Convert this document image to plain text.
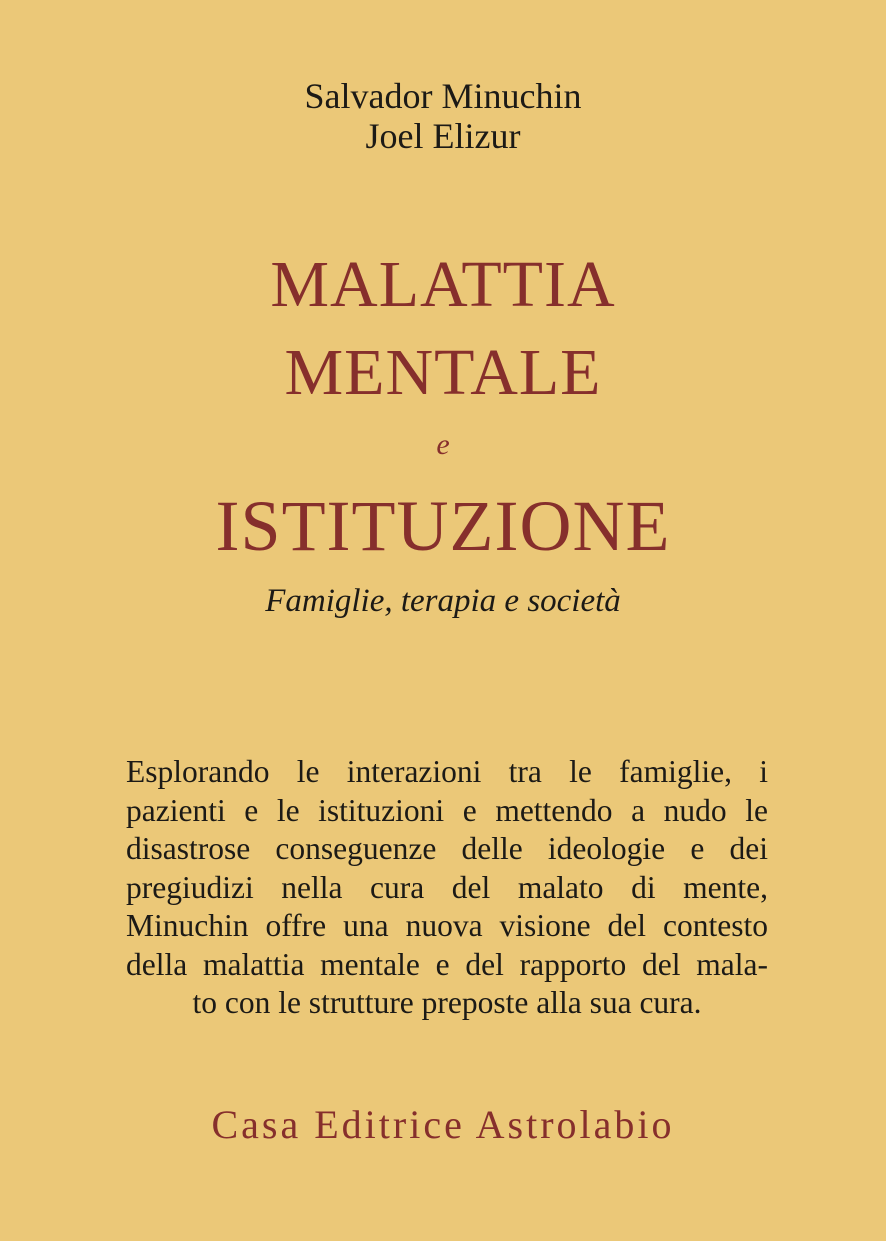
Salvador Minuchin
Joel Elizur
MALATTIA
MENTALE
e
ISTITUZIONE
Famiglie, terapia e società
Esplorando le interazioni tra le famiglie, i
pazienti e le istituzioni e mettendo a nudo le
disastrose conseguenze delle ideologie e dei
pregiudizi nella cura del malato di mente,
Minuchin offre una nuova visione del contesto
della malattia mentale e del rapporto del mala-
to con le strutture preposte alla sua cura.
Casa Editrice Astrolabio
